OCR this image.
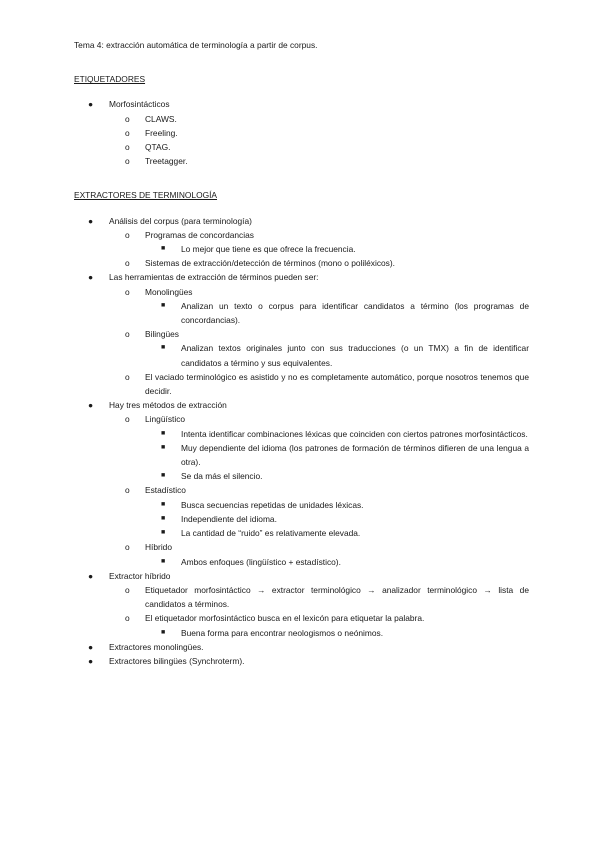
Tema 4: extracción automática de terminología a partir de corpus.

ETIQUETADORES

●	Morfosintácticos
o	CLAWS.
o	Freeling.
o	QTAG.
o	Treetagger.

EXTRACTORES DE TERMINOLOGÍA

●	Análisis del corpus (para terminología)
o	Programas de concordancias
■	Lo mejor que tiene es que ofrece la frecuencia.
o	Sistemas de extracción/detección de términos (mono o poliléxicos).
●	Las herramientas de extracción de términos pueden ser:
o	Monolingües
■	Analizan un texto o corpus para identificar candidatos a término (los programas de concordancias).
o	Bilingües
■	Analizan textos originales junto con sus traducciones (o un TMX) a fin de identificar candidatos a término y sus equivalentes.
o	El vaciado terminológico es asistido y no es completamente automático, porque nosotros tenemos que decidir.
●	Hay tres métodos de extracción
o	Lingüístico
■	Intenta identificar combinaciones léxicas que coinciden con ciertos patrones morfosintácticos.
■	Muy dependiente del idioma (los patrones de formación de términos difieren de una lengua a otra).
■	Se da más el silencio.
o	Estadístico
■	Busca secuencias repetidas de unidades léxicas.
■	Independiente del idioma.
■	La cantidad de “ruido” es relativamente elevada.
o	Híbrido
■	Ambos enfoques (lingüístico + estadístico).
●	Extractor híbrido
o	Etiquetador morfosintáctico → extractor terminológico → analizador terminológico → lista de candidatos a términos.
o	El etiquetador morfosintáctico busca en el lexicón para etiquetar la palabra.
■	Buena forma para encontrar neologismos o neónimos.
●	Extractores monolingües.
●	Extractores bilingües (Synchroterm).
